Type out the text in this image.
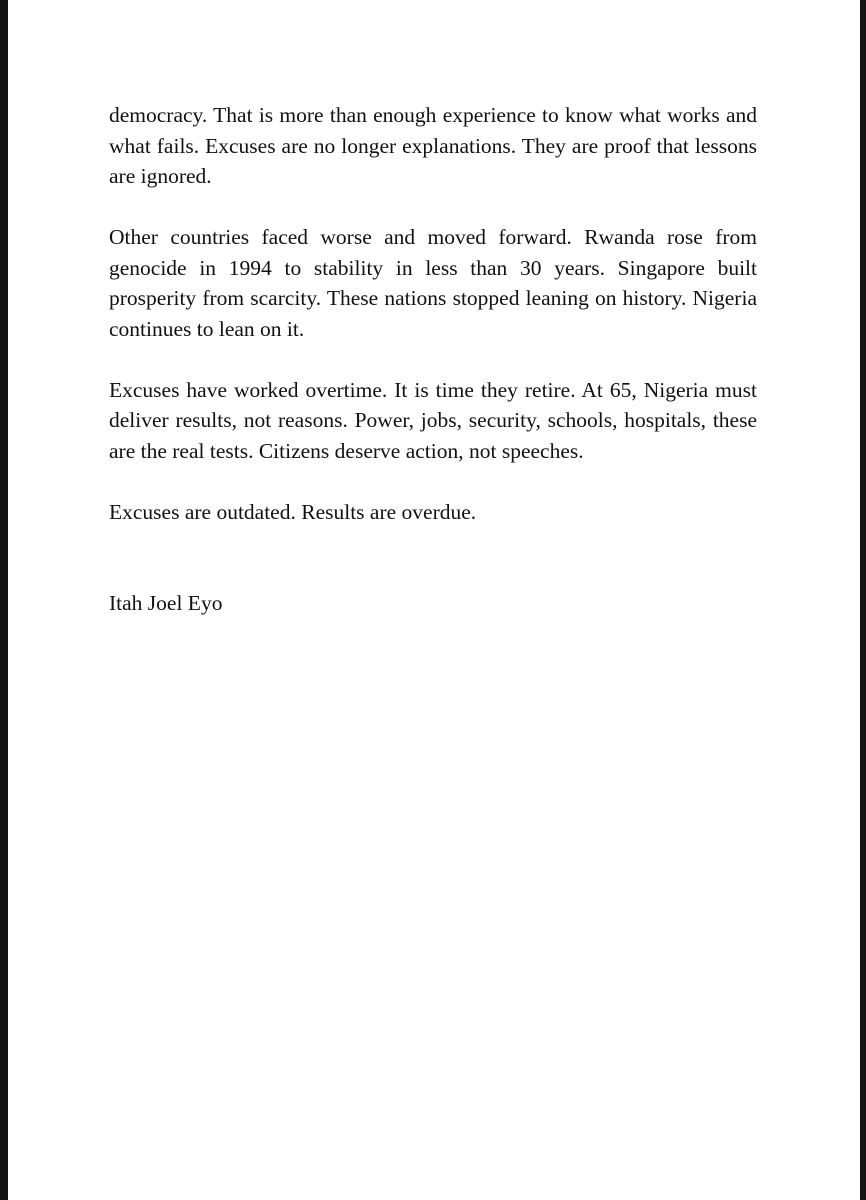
democracy. That is more than enough experience to know what works and what fails. Excuses are no longer explanations. They are proof that lessons are ignored.

Other countries faced worse and moved forward. Rwanda rose from genocide in 1994 to stability in less than 30 years. Singapore built prosperity from scarcity. These nations stopped leaning on history. Nigeria continues to lean on it.

Excuses have worked overtime. It is time they retire. At 65, Nigeria must deliver results, not reasons. Power, jobs, security, schools, hospitals, these are the real tests. Citizens deserve action, not speeches.

Excuses are outdated. Results are overdue.

Itah Joel Eyo
